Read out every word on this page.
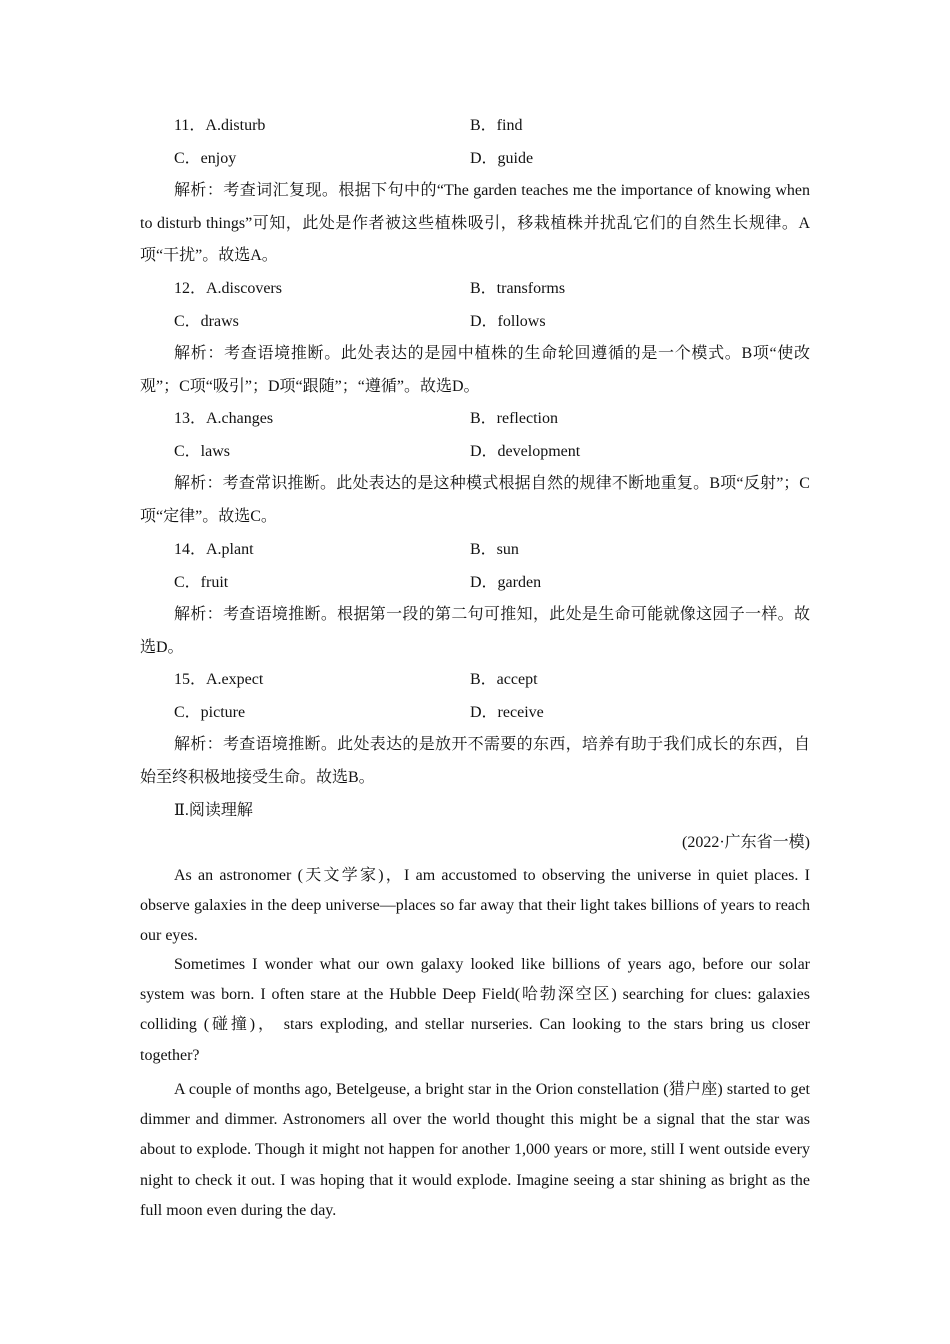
11．A.disturb	B．find
C．enjoy	D．guide

解析：考查词汇复现。根据下句中的“The garden teaches me the importance of knowing when to disturb things”可知，此处是作者被这些植株吸引，移栽植株并扰乱它们的自然生长规律。A项“干扰”。故选A。

12．A.discovers	B．transforms
C．draws	D．follows

解析：考查语境推断。此处表达的是园中植株的生命轮回遵循的是一个模式。B项“使改观”；C项“吸引”；D项“跟随”；“遵循”。故选D。

13．A.changes	B．reflection
C．laws	D．development

解析：考查常识推断。此处表达的是这种模式根据自然的规律不断地重复。B项“反射”；C项“定律”。故选C。

14．A.plant	B．sun
C．fruit	D．garden

解析：考查语境推断。根据第一段的第二句可推知，此处是生命可能就像这园子一样。故选D。

15．A.expect	B．accept
C．picture	D．receive

解析：考查语境推断。此处表达的是放开不需要的东西，培养有助于我们成长的东西，自始至终积极地接受生命。故选B。

Ⅱ.阅读理解
(2022·广东省一模)

As an astronomer (天文学家)，I am accustomed to observing the universe in quiet places. I observe galaxies in the deep universe—places so far away that their light takes billions of years to reach our eyes.

Sometimes I wonder what our own galaxy looked like billions of years ago, before our solar system was born. I often stare at the Hubble Deep Field(哈勃深空区) searching for clues: galaxies colliding (碰撞)， stars exploding, and stellar nurseries. Can looking to the stars bring us closer together?

A couple of months ago, Betelgeuse, a bright star in the Orion constellation (猎户座) started to get dimmer and dimmer. Astronomers all over the world thought this might be a signal that the star was about to explode. Though it might not happen for another 1,000 years or more, still I went outside every night to check it out. I was hoping that it would explode. Imagine seeing a star shining as bright as the full moon even during the day.
